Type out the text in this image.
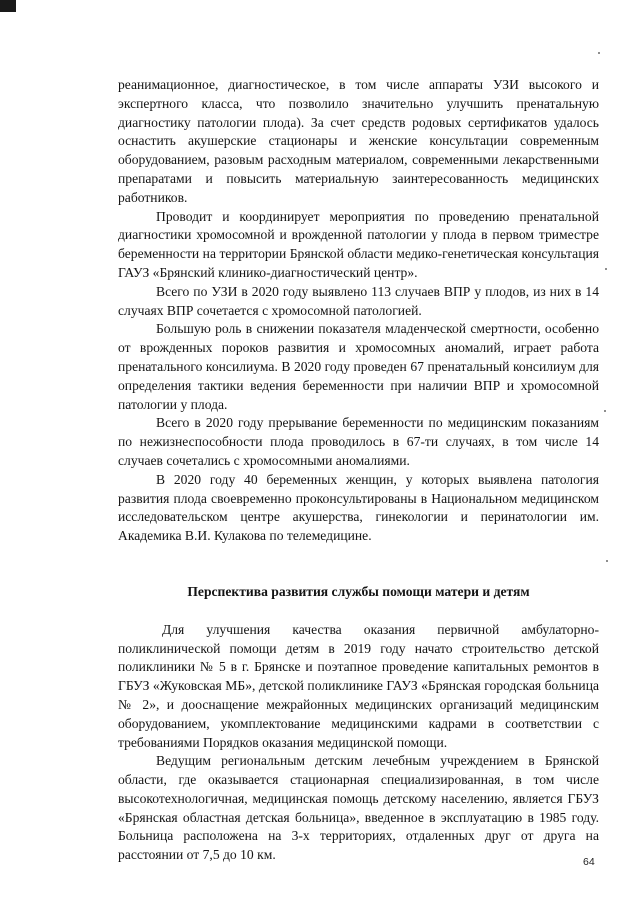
реанимационное, диагностическое, в том числе аппараты УЗИ высокого и экспертного класса, что позволило значительно улучшить пренатальную диагностику патологии плода). За счет средств родовых сертификатов удалось оснастить акушерские стационары и женские консультации современным оборудованием, разовым расходным материалом, современными лекарственными препаратами и повысить материальную заинтересованность медицинских работников.

Проводит и координирует мероприятия по проведению пренатальной диагностики хромосомной и врожденной патологии у плода в первом триместре беременности на территории Брянской области медико-генетическая консультация ГАУЗ «Брянский клинико-диагностический центр».

Всего по УЗИ в 2020 году выявлено 113 случаев ВПР у плодов, из них в 14 случаях ВПР сочетается с хромосомной патологией.

Большую роль в снижении показателя младенческой смертности, особенно от врожденных пороков развития и хромосомных аномалий, играет работа пренатального консилиума. В 2020 году проведен 67 пренатальный консилиум для определения тактики ведения беременности при наличии ВПР и хромосомной патологии у плода.

Всего в 2020 году прерывание беременности по медицинским показаниям по нежизнеспособности плода проводилось в 67-ти случаях, в том числе 14 случаев сочетались с хромосомными аномалиями.

В 2020 году 40 беременных женщин, у которых выявлена патология развития плода своевременно проконсультированы в Национальном медицинском исследовательском центре акушерства, гинекологии и перинатологии им. Академика В.И. Кулакова по телемедицине.

Перспектива развития службы помощи матери и детям

Для улучшения качества оказания первичной амбулаторно-поликлинической помощи детям в 2019 году начато строительство детской поликлиники № 5 в г. Брянске и поэтапное проведение капитальных ремонтов в ГБУЗ «Жуковская МБ», детской поликлинике ГАУЗ «Брянская городская больница № 2», и дооснащение межрайонных медицинских организаций медицинским оборудованием, укомплектование медицинскими кадрами в соответствии с требованиями Порядков оказания медицинской помощи.

Ведущим региональным детским лечебным учреждением в Брянской области, где оказывается стационарная специализированная, в том числе высокотехнологичная, медицинская помощь детскому населению, является ГБУЗ «Брянская областная детская больница», введенное в эксплуатацию в 1985 году. Больница расположена на 3-х территориях, отдаленных друг от друга на расстоянии от 7,5 до 10 км.	64
